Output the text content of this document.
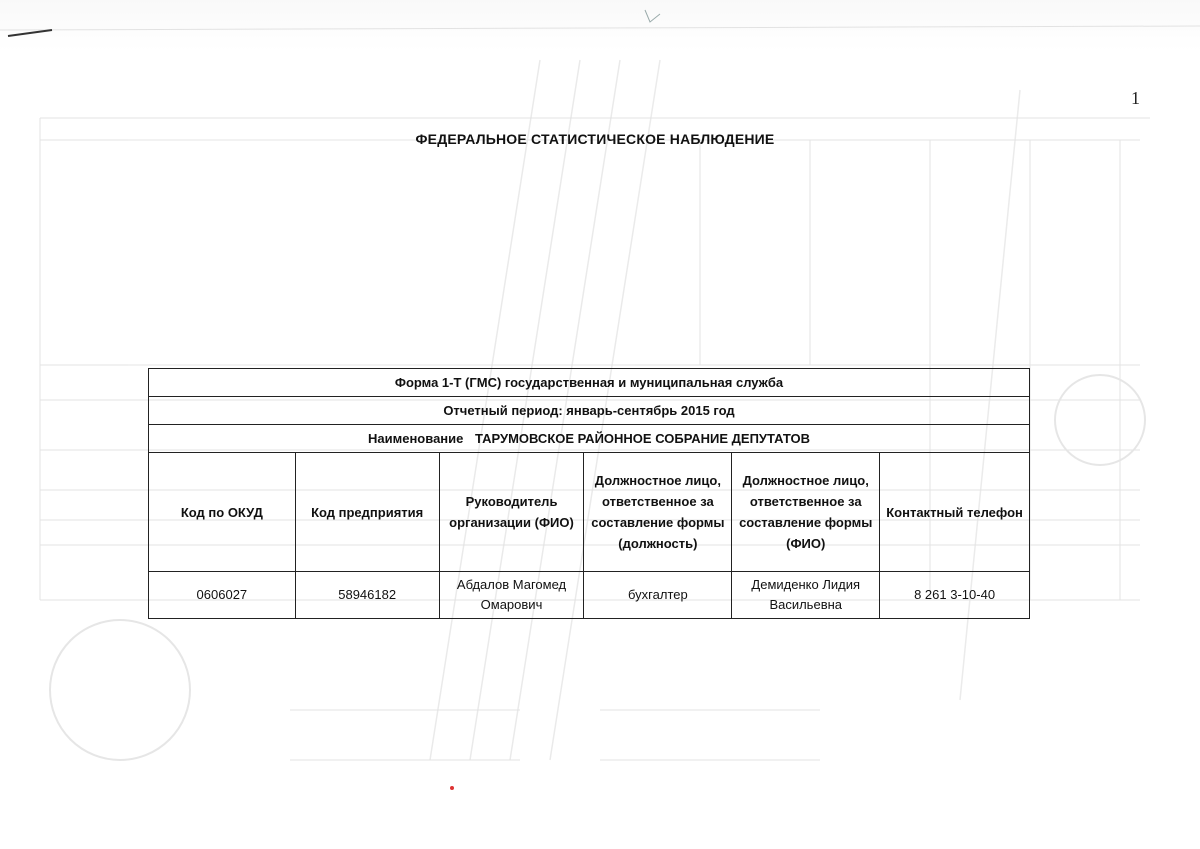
1
ФЕДЕРАЛЬНОЕ СТАТИСТИЧЕСКОЕ НАБЛЮДЕНИЕ
Форма 1-Т (ГМС) государственная и муниципальная служба					
Отчетный период: январь-сентябрь 2015 год					
Наименование ТАРУМОВСКОЕ РАЙОННОЕ СОБРАНИЕ ДЕПУТАТОВ					
Код по ОКУД	Код предприятия	Руководитель организации (ФИО)	Должностное лицо, ответственное за составление формы (должность)	Должностное лицо, ответственное за составление формы (ФИО)	Контактный телефон
0606027	58946182	Абдалов Магомед Омарович	бухгалтер	Демиденко Лидия Васильевна	8 261 3-10-40
